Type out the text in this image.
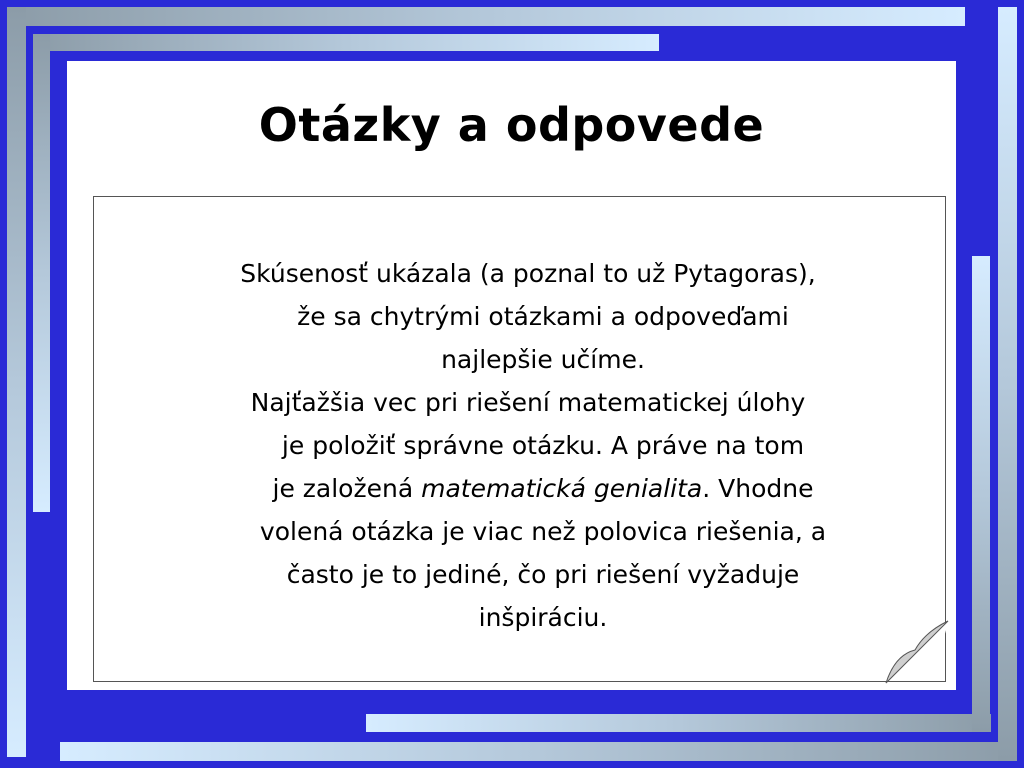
Otázky a odpovede

Skúsenosť ukázala (a poznal to už Pytagoras),
že sa chytrými otázkami a odpoveďami
najlepšie učíme.

Najťažšia vec pri riešení matematickej úlohy
je položiť správne otázku. A práve na tom
je založená matematická genialita. Vhodne
volená otázka je viac než polovica riešenia, a
často je to jediné, čo pri riešení vyžaduje
inšpiráciu.
